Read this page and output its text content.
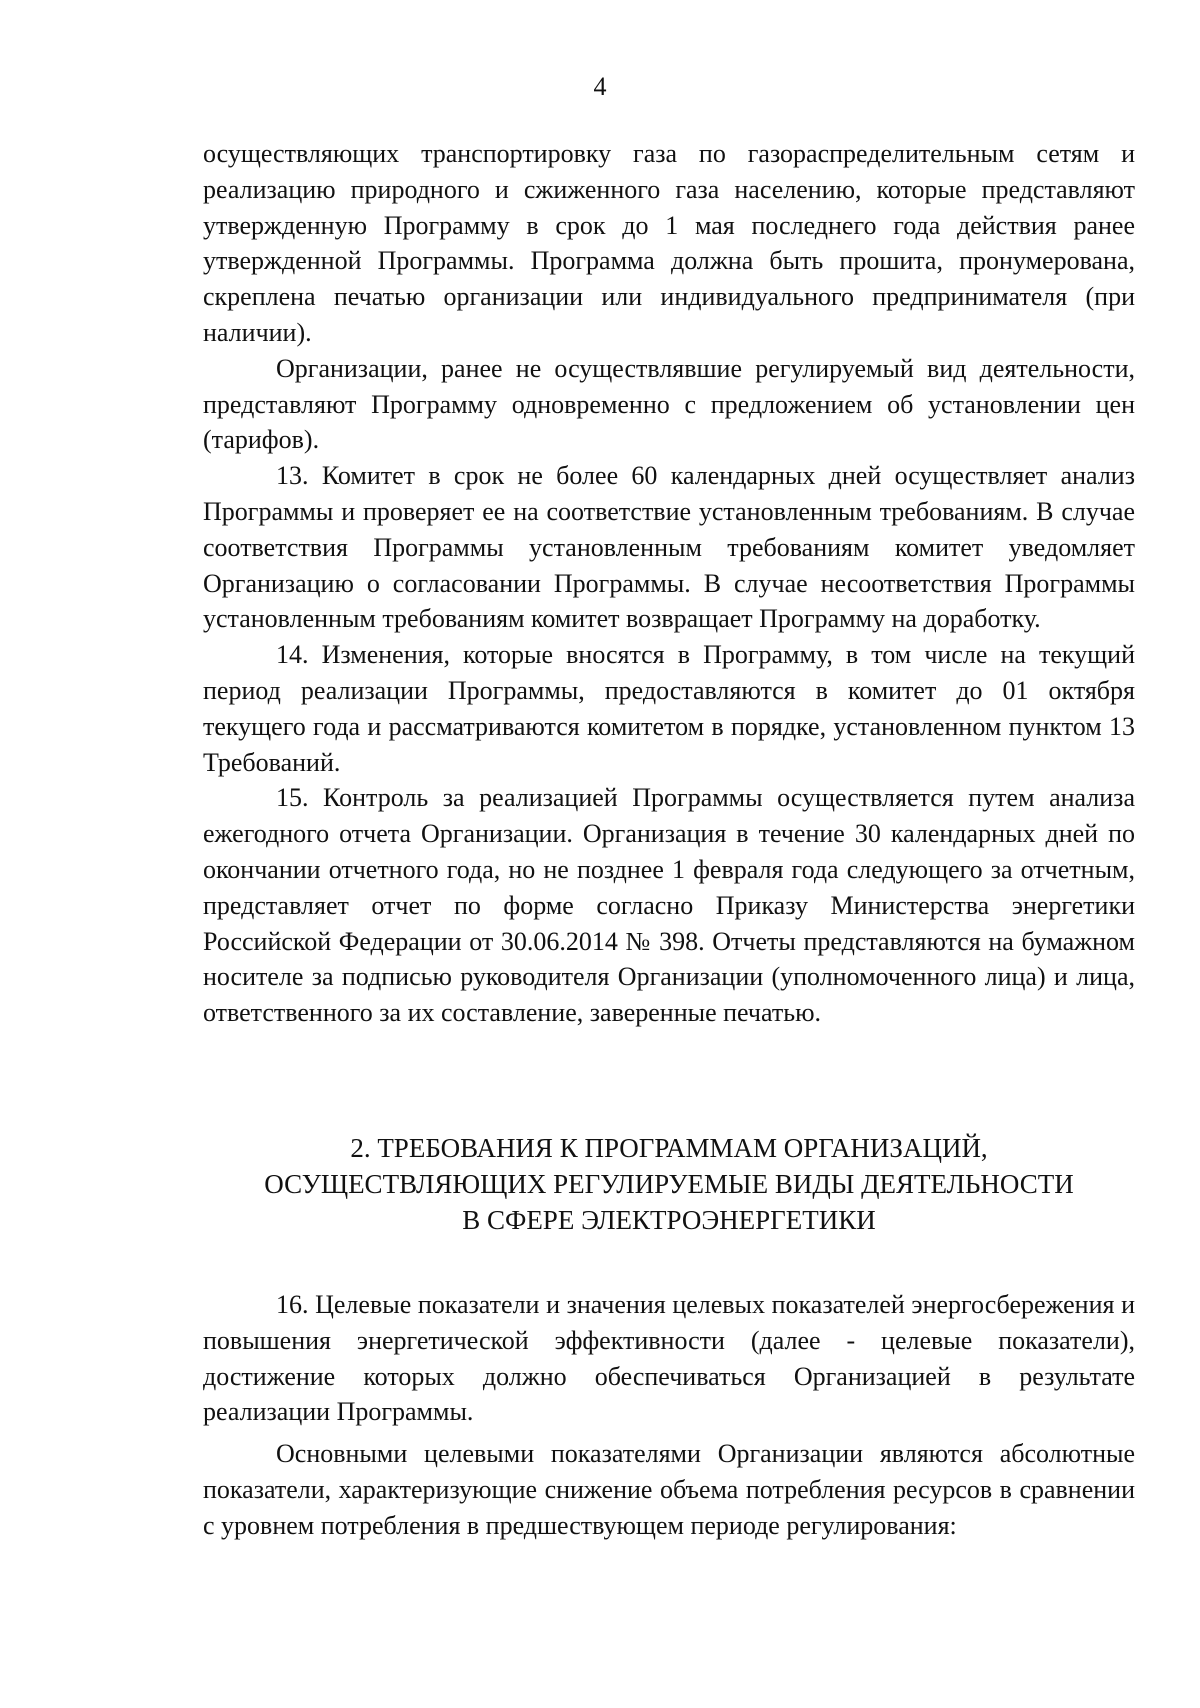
4

осуществляющих транспортировку газа по газораспределительным сетям и реализацию природного и сжиженного газа населению, которые представляют утвержденную Программу в срок до 1 мая последнего года действия ранее утвержденной Программы. Программа должна быть прошита, пронумерована, скреплена печатью организации или индивидуального предпринимателя (при наличии).

Организации, ранее не осуществлявшие регулируемый вид деятельности, представляют Программу одновременно с предложением об установлении цен (тарифов).

13. Комитет в срок не более 60 календарных дней осуществляет анализ Программы и проверяет ее на соответствие установленным требованиям. В случае соответствия Программы установленным требованиям комитет уведомляет Организацию о согласовании Программы. В случае несоответствия Программы установленным требованиям комитет возвращает Программу на доработку.

14. Изменения, которые вносятся в Программу, в том числе на текущий период реализации Программы, предоставляются в комитет до 01 октября текущего года и рассматриваются комитетом в порядке, установленном пунктом 13 Требований.

15. Контроль за реализацией Программы осуществляется путем анализа ежегодного отчета Организации. Организация в течение 30 календарных дней по окончании отчетного года, но не позднее 1 февраля года следующего за отчетным, представляет отчет по форме согласно Приказу Министерства энергетики Российской Федерации от 30.06.2014 № 398. Отчеты представляются на бумажном носителе за подписью руководителя Организации (уполномоченного лица) и лица, ответственного за их составление, заверенные печатью.

2. ТРЕБОВАНИЯ К ПРОГРАММАМ ОРГАНИЗАЦИЙ,
ОСУЩЕСТВЛЯЮЩИХ РЕГУЛИРУЕМЫЕ ВИДЫ ДЕЯТЕЛЬНОСТИ
В СФЕРЕ ЭЛЕКТРОЭНЕРГЕТИКИ

16. Целевые показатели и значения целевых показателей энергосбережения и повышения энергетической эффективности (далее - целевые показатели), достижение которых должно обеспечиваться Организацией в результате реализации Программы.

Основными целевыми показателями Организации являются абсолютные показатели, характеризующие снижение объема потребления ресурсов в сравнении с уровнем потребления в предшествующем периоде регулирования:
